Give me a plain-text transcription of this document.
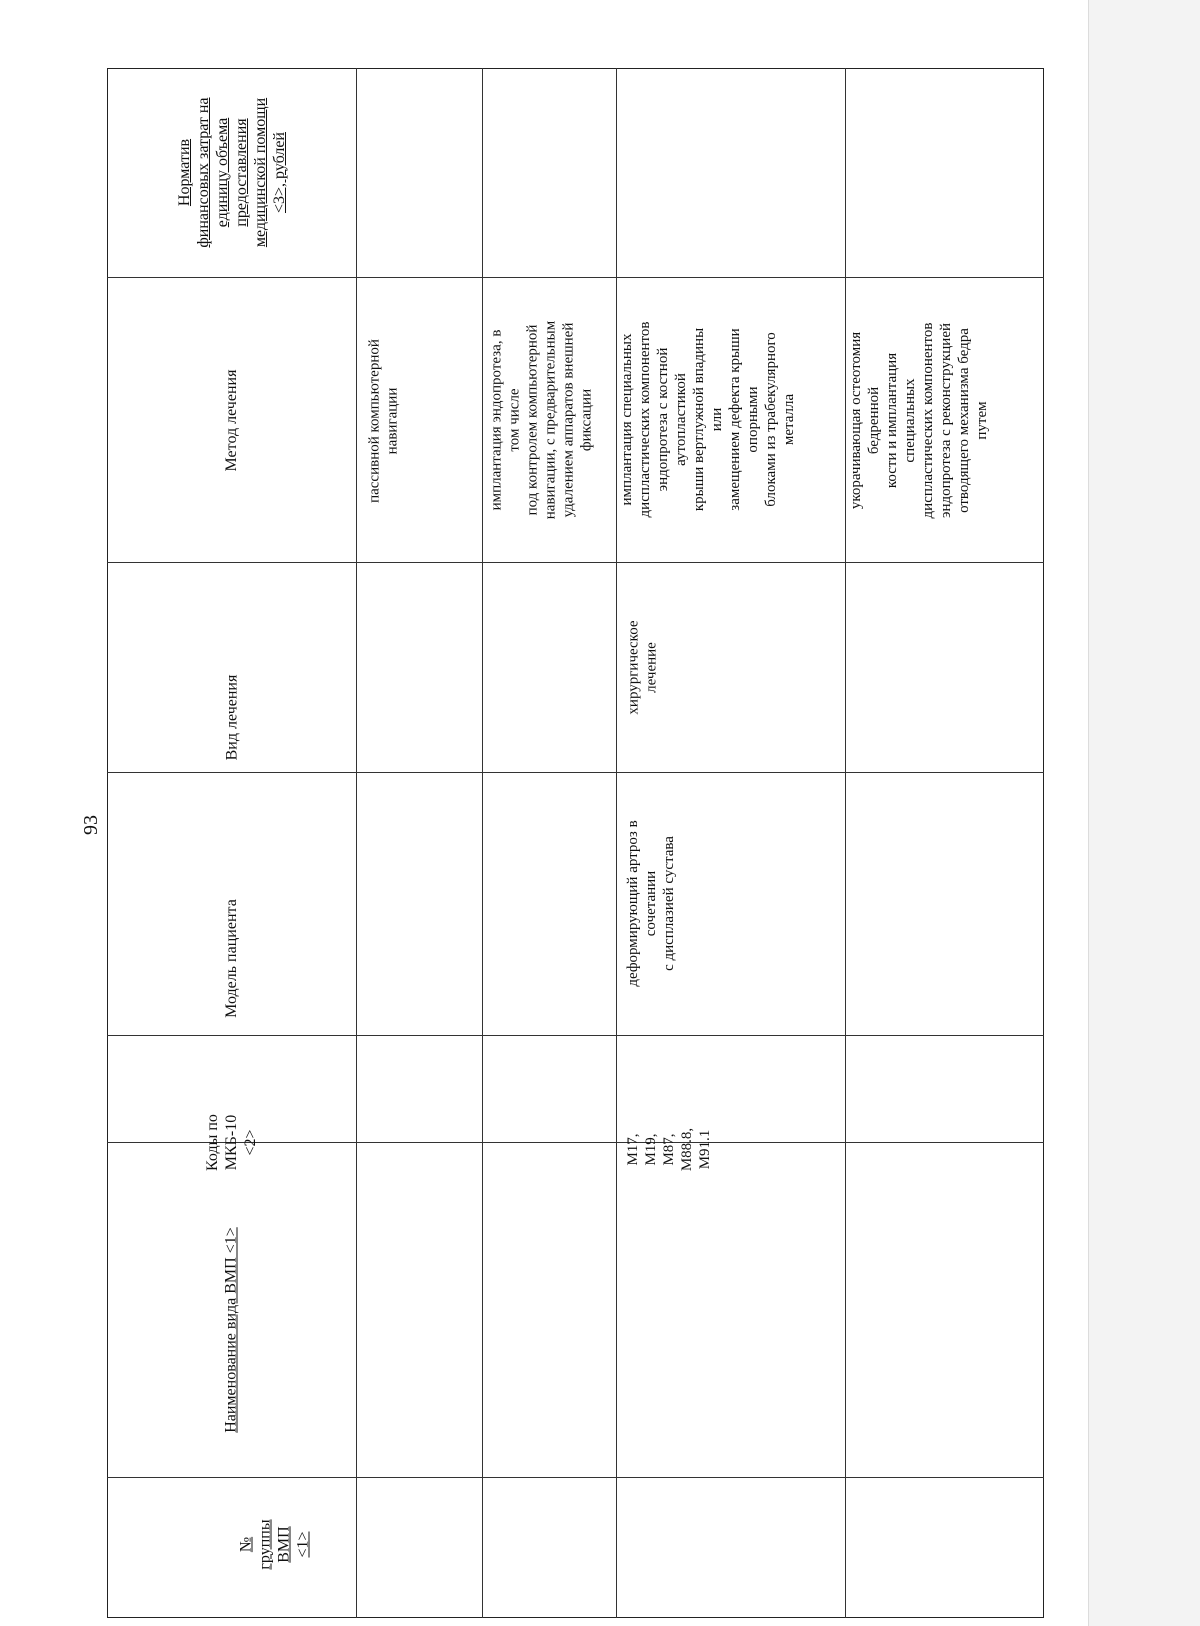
93
№
группы
ВМП
<1>
Наименование вида ВМП <1>
Коды по
МКБ-10
<2>
Модель пациента
Вид лечения
Метод лечения
Норматив
финансовых затрат на
единицу объема
предоставления
медицинской помощи
<3>, рублей
пассивной компьютерной
навигации
имплантация эндопротеза, в
том числе
под контролем компьютерной
навигации, с предварительным
удалением аппаратов внешней
фиксации
M17,
M19,
M87,
M88.8,
M91.1
деформирующий артроз в
сочетании
с дисплазией сустава
хирургическое
лечение
имплантация специальных
диспластических компонентов
эндопротеза с костной
аутопластикой
крыши вертлужной впадины
или
замещением дефекта крыши
опорными
блоками из трабекулярного
металла	укорачивающая остеотомия
бедренной
кости и имплантация
специальных
диспластических компонентов
эндопротеза с реконструкцией
отводящего механизма бедра
путем
